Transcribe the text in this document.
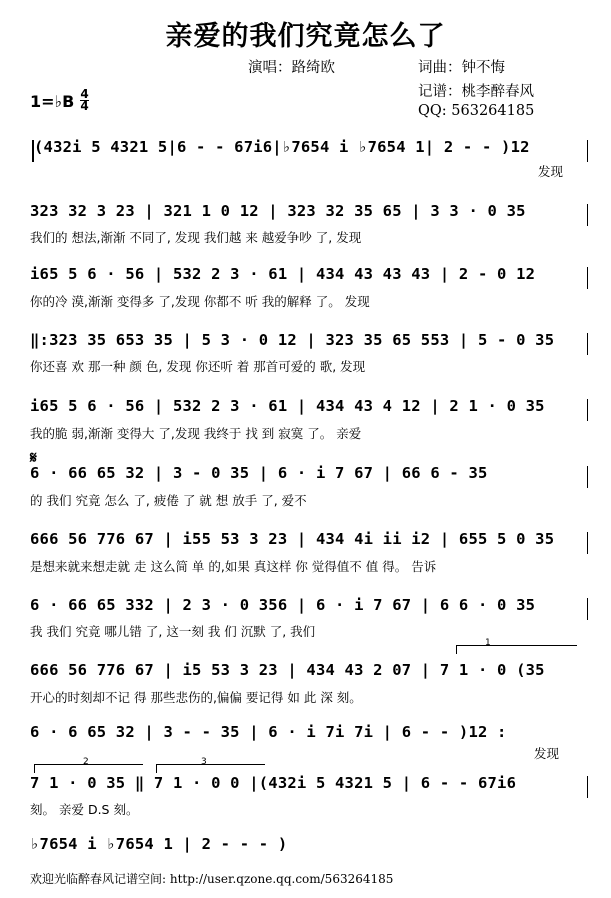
亲爱的我们究竟怎么了
演唱：路绮欧	词曲：钟不悔
记谱：桃李醉春风
QQ: 563264185
1=♭B 4
4
(432i 5 4321 5|6 - - 67i6|♭7654 i ♭7654 1| 2 - - )12
发现
323 32 3 23 | 321 1 0 12 | 323 32 35 65 | 3 3 · 0 35
我们的 想法,渐渐 不同了, 发现 我们越 来 越爱争吵 了, 发现
i65 5 6 · 56 | 532 2 3 · 61 | 434 43 43 43 | 2 - 0 12
你的冷 漠,渐渐 变得多 了,发现 你都不 听 我的解释 了。 发现
‖:323 35 653 35 | 5 3 · 0 12 | 323 35 65 553 | 5 - 0 35
你还喜 欢 那一种 颜 色, 发现 你还听 着 那首可爱的 歌, 发现
i65 5 6 · 56 | 532 2 3 · 61 | 434 43 4 12 | 2 1 · 0 35
我的脆 弱,渐渐 变得大 了,发现 我终于 找 到 寂寞 了。 亲爱
𝄋
6 · 66 65 32 | 3 - 0 35 | 6 · i 7 67 | 66 6 - 35
的 我们 究竟 怎么 了, 疲倦 了 就 想 放手 了, 爱不
666 56 776 67 | i55 53 3 23 | 434 4i ii i2 | 655 5 0 35
是想来就来想走就 走 这么简 单 的,如果 真这样 你 觉得值不 值 得。 告诉
6 · 66 65 332 | 2 3 · 0 356 | 6 · i 7 67 | 6 6 · 0 35
我 我们 究竟 哪儿错 了, 这一刻 我 们 沉默 了, 我们
1
666 56 776 67 | i5 53 3 23 | 434 43 2 07 | 7 1 · 0 (35
开心的时刻却不记 得 那些悲伤的,偏偏 要记得 如 此 深 刻。
6 · 6 65 32 | 3 - - 35 | 6 · i 7i 7i | 6 - - )12 :
发现
2	3
7 1 · 0 35 ‖ 7 1 · 0 0 |(432i 5 4321 5 | 6 - - 67i6
刻。 亲爱 D.S 刻。
♭7654 i ♭7654 1 | 2 - - - )
欢迎光临醉春风记谱空间: http://user.qzone.qq.com/563264185
